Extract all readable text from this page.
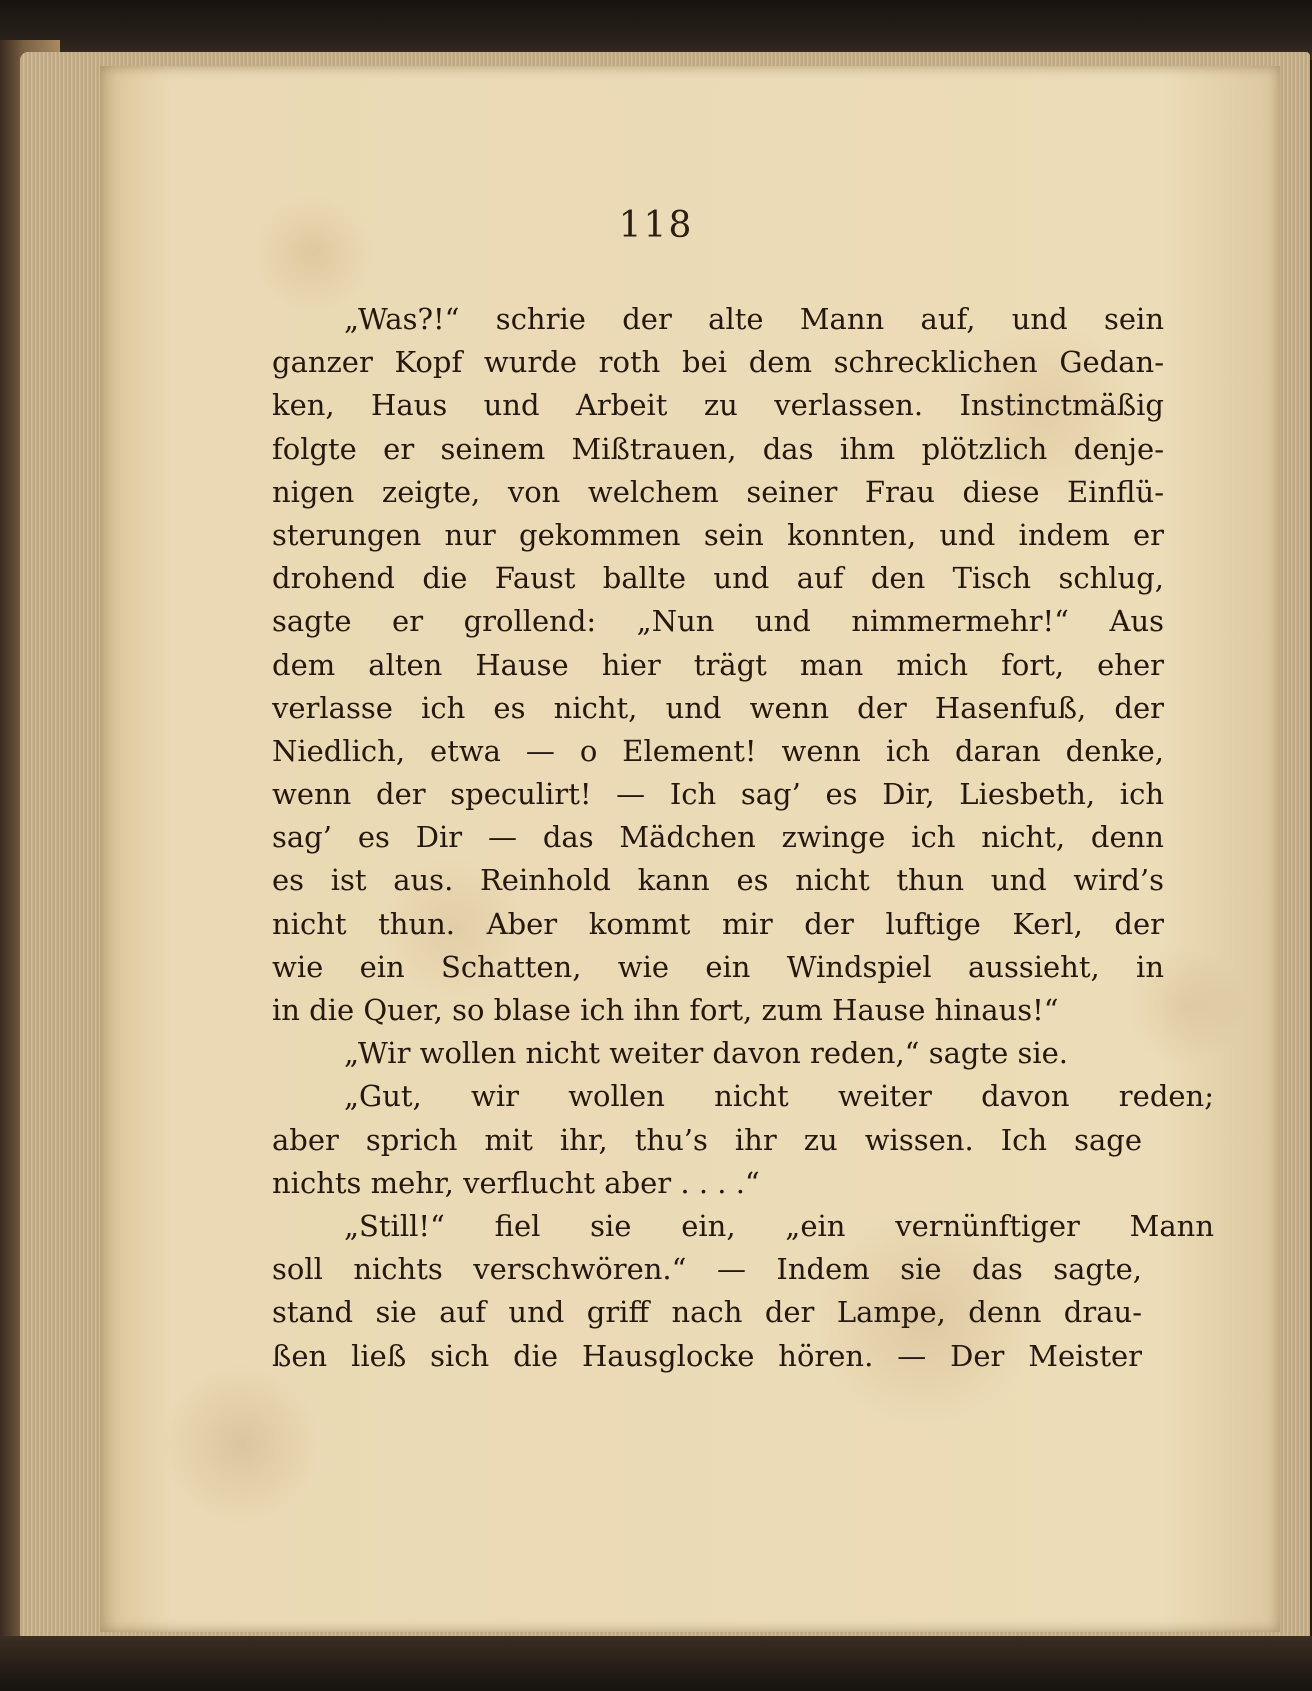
118
„Was?!“ schrie der alte Mann auf, und sein
ganzer Kopf wurde roth bei dem schrecklichen Gedan-
ken, Haus und Arbeit zu verlassen. Instinctmäßig
folgte er seinem Mißtrauen, das ihm plötzlich denje-
nigen zeigte, von welchem seiner Frau diese Einflü-
sterungen nur gekommen sein konnten, und indem er
drohend die Faust ballte und auf den Tisch schlug,
sagte er grollend: „Nun und nimmermehr!“ Aus
dem alten Hause hier trägt man mich fort, eher
verlasse ich es nicht, und wenn der Hasenfuß, der
Niedlich, etwa — o Element! wenn ich daran denke,
wenn der speculirt! — Ich sag’ es Dir, Liesbeth, ich
sag’ es Dir — das Mädchen zwinge ich nicht, denn
es ist aus. Reinhold kann es nicht thun und wird’s
nicht thun. Aber kommt mir der luftige Kerl, der
wie ein Schatten, wie ein Windspiel aussieht, in
in die Quer, so blase ich ihn fort, zum Hause hinaus!“
„Wir wollen nicht weiter davon reden,“ sagte sie.
„Gut, wir wollen nicht weiter davon reden;
aber sprich mit ihr, thu’s ihr zu wissen. Ich sage
nichts mehr, verflucht aber . . . .“
„Still!“ fiel sie ein, „ein vernünftiger Mann
soll nichts verschwören.“ — Indem sie das sagte,
stand sie auf und griff nach der Lampe, denn drau-
ßen ließ sich die Hausglocke hören. — Der Meister
